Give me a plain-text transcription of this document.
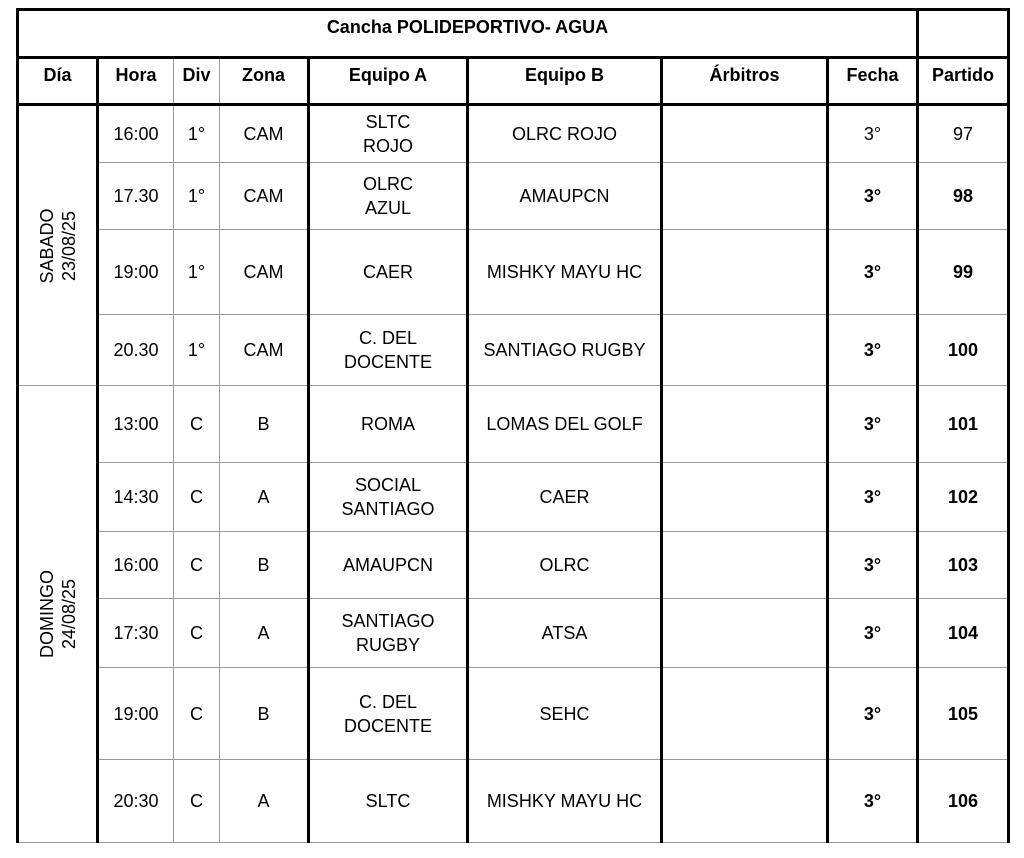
Cancha POLIDEPORTIVO- AGUA								
Día	Hora	Div	Zona	Equipo A	Equipo B	Árbitros	Fecha	Partido

SABADO 23/08/25	16:00	1°	CAM	SLTC ROJO	OLRC ROJO		3°	97
	17.30	1°	CAM	OLRC AZUL	AMAUPCN		3°	98
	19:00	1°	CAM	CAER	MISHKY MAYU HC		3°	99
	20.30	1°	CAM	C. DEL DOCENTE	SANTIAGO RUGBY		3°	100

DOMINGO 24/08/25	13:00	C	B	ROMA	LOMAS DEL GOLF		3°	101
	14:30	C	A	SOCIAL SANTIAGO	CAER		3°	102
	16:00	C	B	AMAUPCN	OLRC		3°	103
	17:30	C	A	SANTIAGO RUGBY	ATSA		3°	104
	19:00	C	B	C. DEL DOCENTE	SEHC		3°	105
	20:30	C	A	SLTC	MISHKY MAYU HC		3°	106
